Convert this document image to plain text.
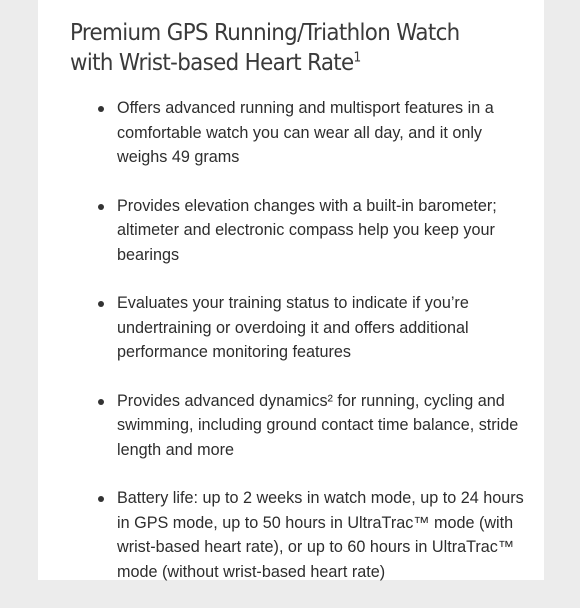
Premium GPS Running/Triathlon Watch with Wrist-based Heart Rate$^1$
Offers advanced running and multisport features in a comfortable watch you can wear all day, and it only weighs 49 grams
Provides elevation changes with a built-in barometer; altimeter and electronic compass help you keep your bearings
Evaluates your training status to indicate if you’re undertraining or overdoing it and offers additional performance monitoring features
Provides advanced dynamics² for running, cycling and swimming, including ground contact time balance, stride length and more
Battery life: up to 2 weeks in watch mode, up to 24 hours in GPS mode, up to 50 hours in UltraTrac™ mode (with wrist-based heart rate), or up to 60 hours in UltraTrac™ mode (without wrist-based heart rate)
